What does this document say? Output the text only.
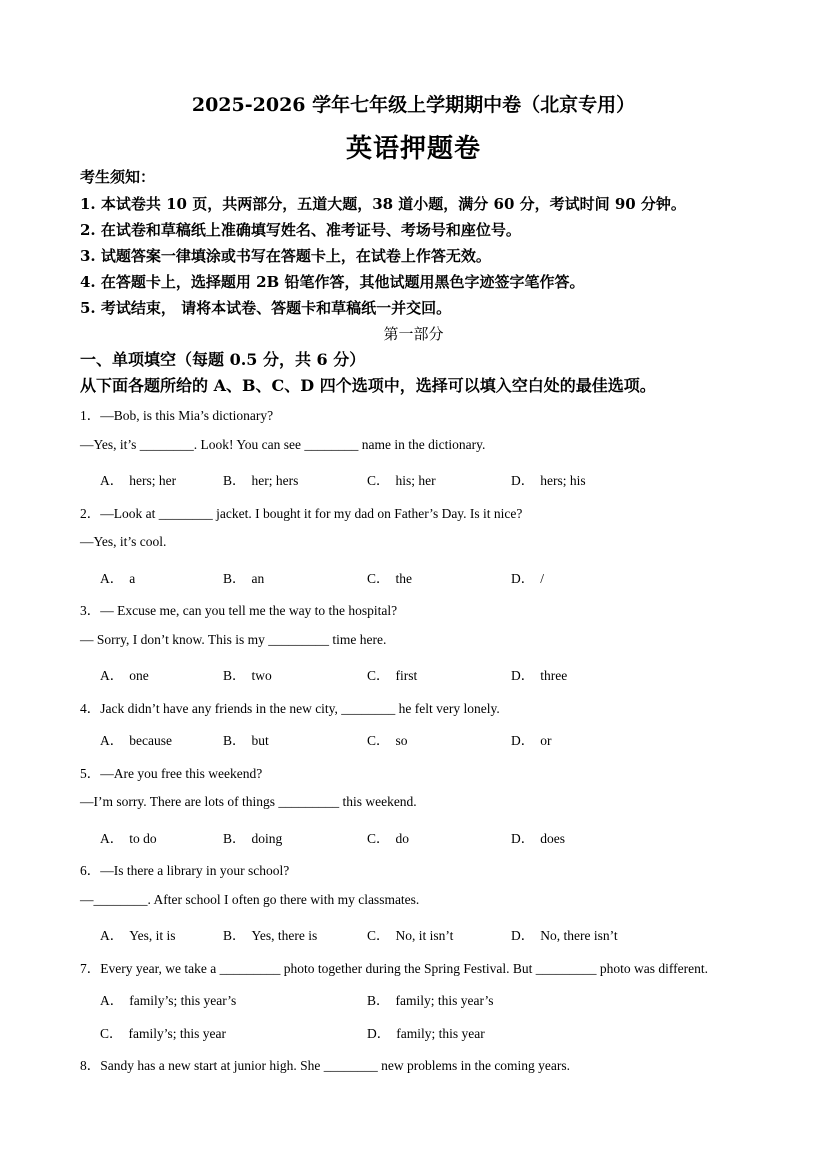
2025-2026 学年七年级上学期期中卷（北京专用）
英语押题卷
考生须知：
1. 本试卷共 10 页，共两部分，五道大题，38 道小题，满分 60 分，考试时间 90 分钟。
2. 在试卷和草稿纸上准确填写姓名、准考证号、考场号和座位号。
3. 试题答案一律填涂或书写在答题卡上，在试卷上作答无效。
4. 在答题卡上，选择题用 2B 铅笔作答，其他试题用黑色字迹签字笔作答。
5. 考试结束， 请将本试卷、答题卡和草稿纸一并交回。
第一部分
一、单项填空（每题 0.5 分，共 6 分）
从下面各题所给的 A、B、C、D 四个选项中，选择可以填入空白处的最佳选项。
1．—Bob, is this Mia’s dictionary?
—Yes, it’s ________. Look! You can see ________ name in the dictionary.
A． hers; her	B． her; hers	C． his; her	D． hers; his
2．—Look at ________ jacket. I bought it for my dad on Father’s Day. Is it nice?
—Yes, it’s cool.
A． a	B． an	C． the	D． /
3．— Excuse me, can you tell me the way to the hospital?
— Sorry, I don’t know. This is my _________ time here.
A． one	B． two	C． first	D． three
4．Jack didn’t have any friends in the new city, ________ he felt very lonely.
A． because	B． but	C． so	D． or
5．—Are you free this weekend?
—I’m sorry. There are lots of things _________ this weekend.
A． to do	B． doing	C． do	D． does
6．—Is there a library in your school?
—________. After school I often go there with my classmates.
A． Yes, it is	B． Yes, there is	C． No, it isn’t	D． No, there isn’t
7．Every year, we take a _________ photo together during the Spring Festival. But _________ photo was different.
A． family’s; this year’s	B． family; this year’s
C． family’s; this year	D． family; this year
8．Sandy has a new start at junior high. She ________ new problems in the coming years.
